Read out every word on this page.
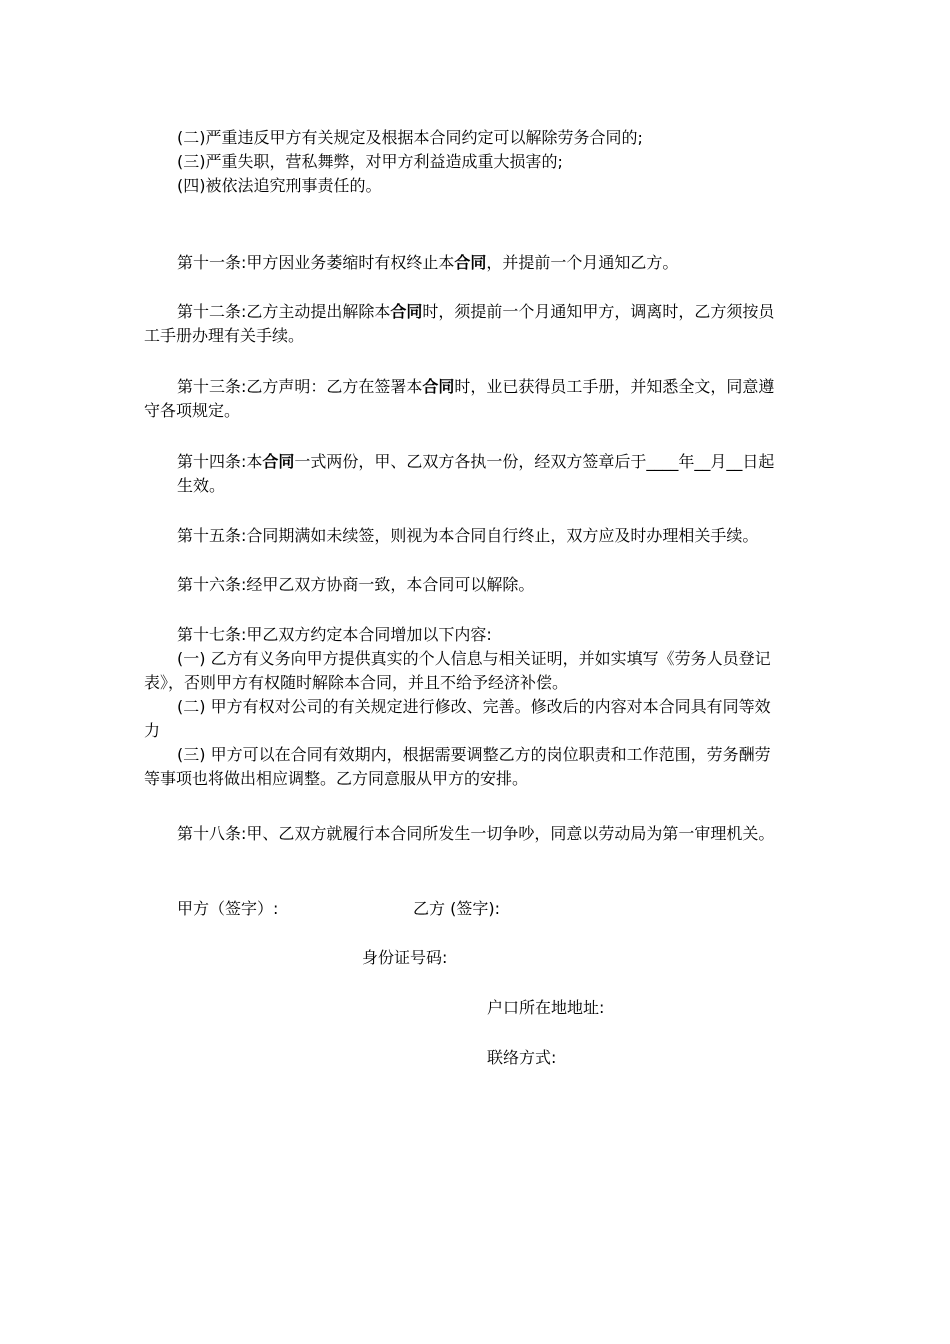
(二)严重违反甲方有关规定及根据本合同约定可以解除劳务合同的;
(三)严重失职，营私舞弊，对甲方利益造成重大损害的;
(四)被依法追究刑事责任的。
第十一条:甲方因业务萎缩时有权终止本合同，并提前一个月通知乙方。
第十二条:乙方主动提出解除本合同时，须提前一个月通知甲方，调离时，乙方须按员
工手册办理有关手续。
第十三条:乙方声明：乙方在签署本合同时，业已获得员工手册，并知悉全文，同意遵
守各项规定。
第十四条:本合同一式两份，甲、乙双方各执一份，经双方签章后于____年__月__日起
生效。
第十五条:合同期满如未续签，则视为本合同自行终止，双方应及时办理相关手续。
第十六条:经甲乙双方协商一致，本合同可以解除。
第十七条:甲乙双方约定本合同增加以下内容:
(一) 乙方有义务向甲方提供真实的个人信息与相关证明，并如实填写《劳务人员登记
表》，否则甲方有权随时解除本合同，并且不给予经济补偿。
(二) 甲方有权对公司的有关规定进行修改、完善。修改后的内容对本合同具有同等效
力
(三) 甲方可以在合同有效期内，根据需要调整乙方的岗位职责和工作范围，劳务酬劳
等事项也将做出相应调整。乙方同意服从甲方的安排。
第十八条:甲、乙双方就履行本合同所发生一切争吵，同意以劳动局为第一审理机关。
甲方（签字）:	乙方 (签字):
身份证号码:
户口所在地地址:
联络方式:
